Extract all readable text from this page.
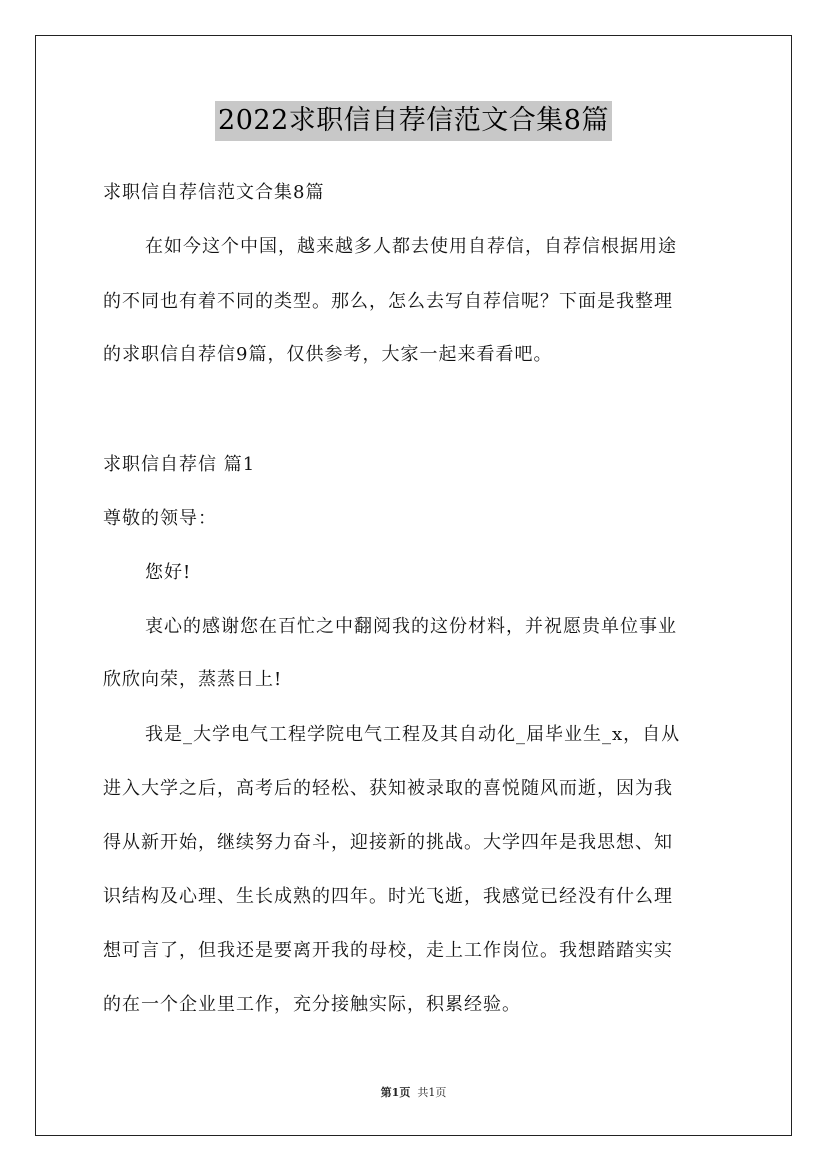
2022求职信自荐信范文合集8篇
求职信自荐信范文合集8篇
在如今这个中国，越来越多人都去使用自荐信，自荐信根据用途
的不同也有着不同的类型。那么，怎么去写自荐信呢？下面是我整理
的求职信自荐信9篇，仅供参考，大家一起来看看吧。
求职信自荐信 篇1
尊敬的领导：
您好!
衷心的感谢您在百忙之中翻阅我的这份材料，并祝愿贵单位事业
欣欣向荣，蒸蒸日上!
我是_大学电气工程学院电气工程及其自动化_届毕业生_x，自从
进入大学之后，高考后的轻松、获知被录取的喜悦随风而逝，因为我
得从新开始，继续努力奋斗，迎接新的挑战。大学四年是我思想、知
识结构及心理、生长成熟的四年。时光飞逝，我感觉已经没有什么理
想可言了，但我还是要离开我的母校，走上工作岗位。我想踏踏实实
的在一个企业里工作，充分接触实际，积累经验。
第1页 共1页
